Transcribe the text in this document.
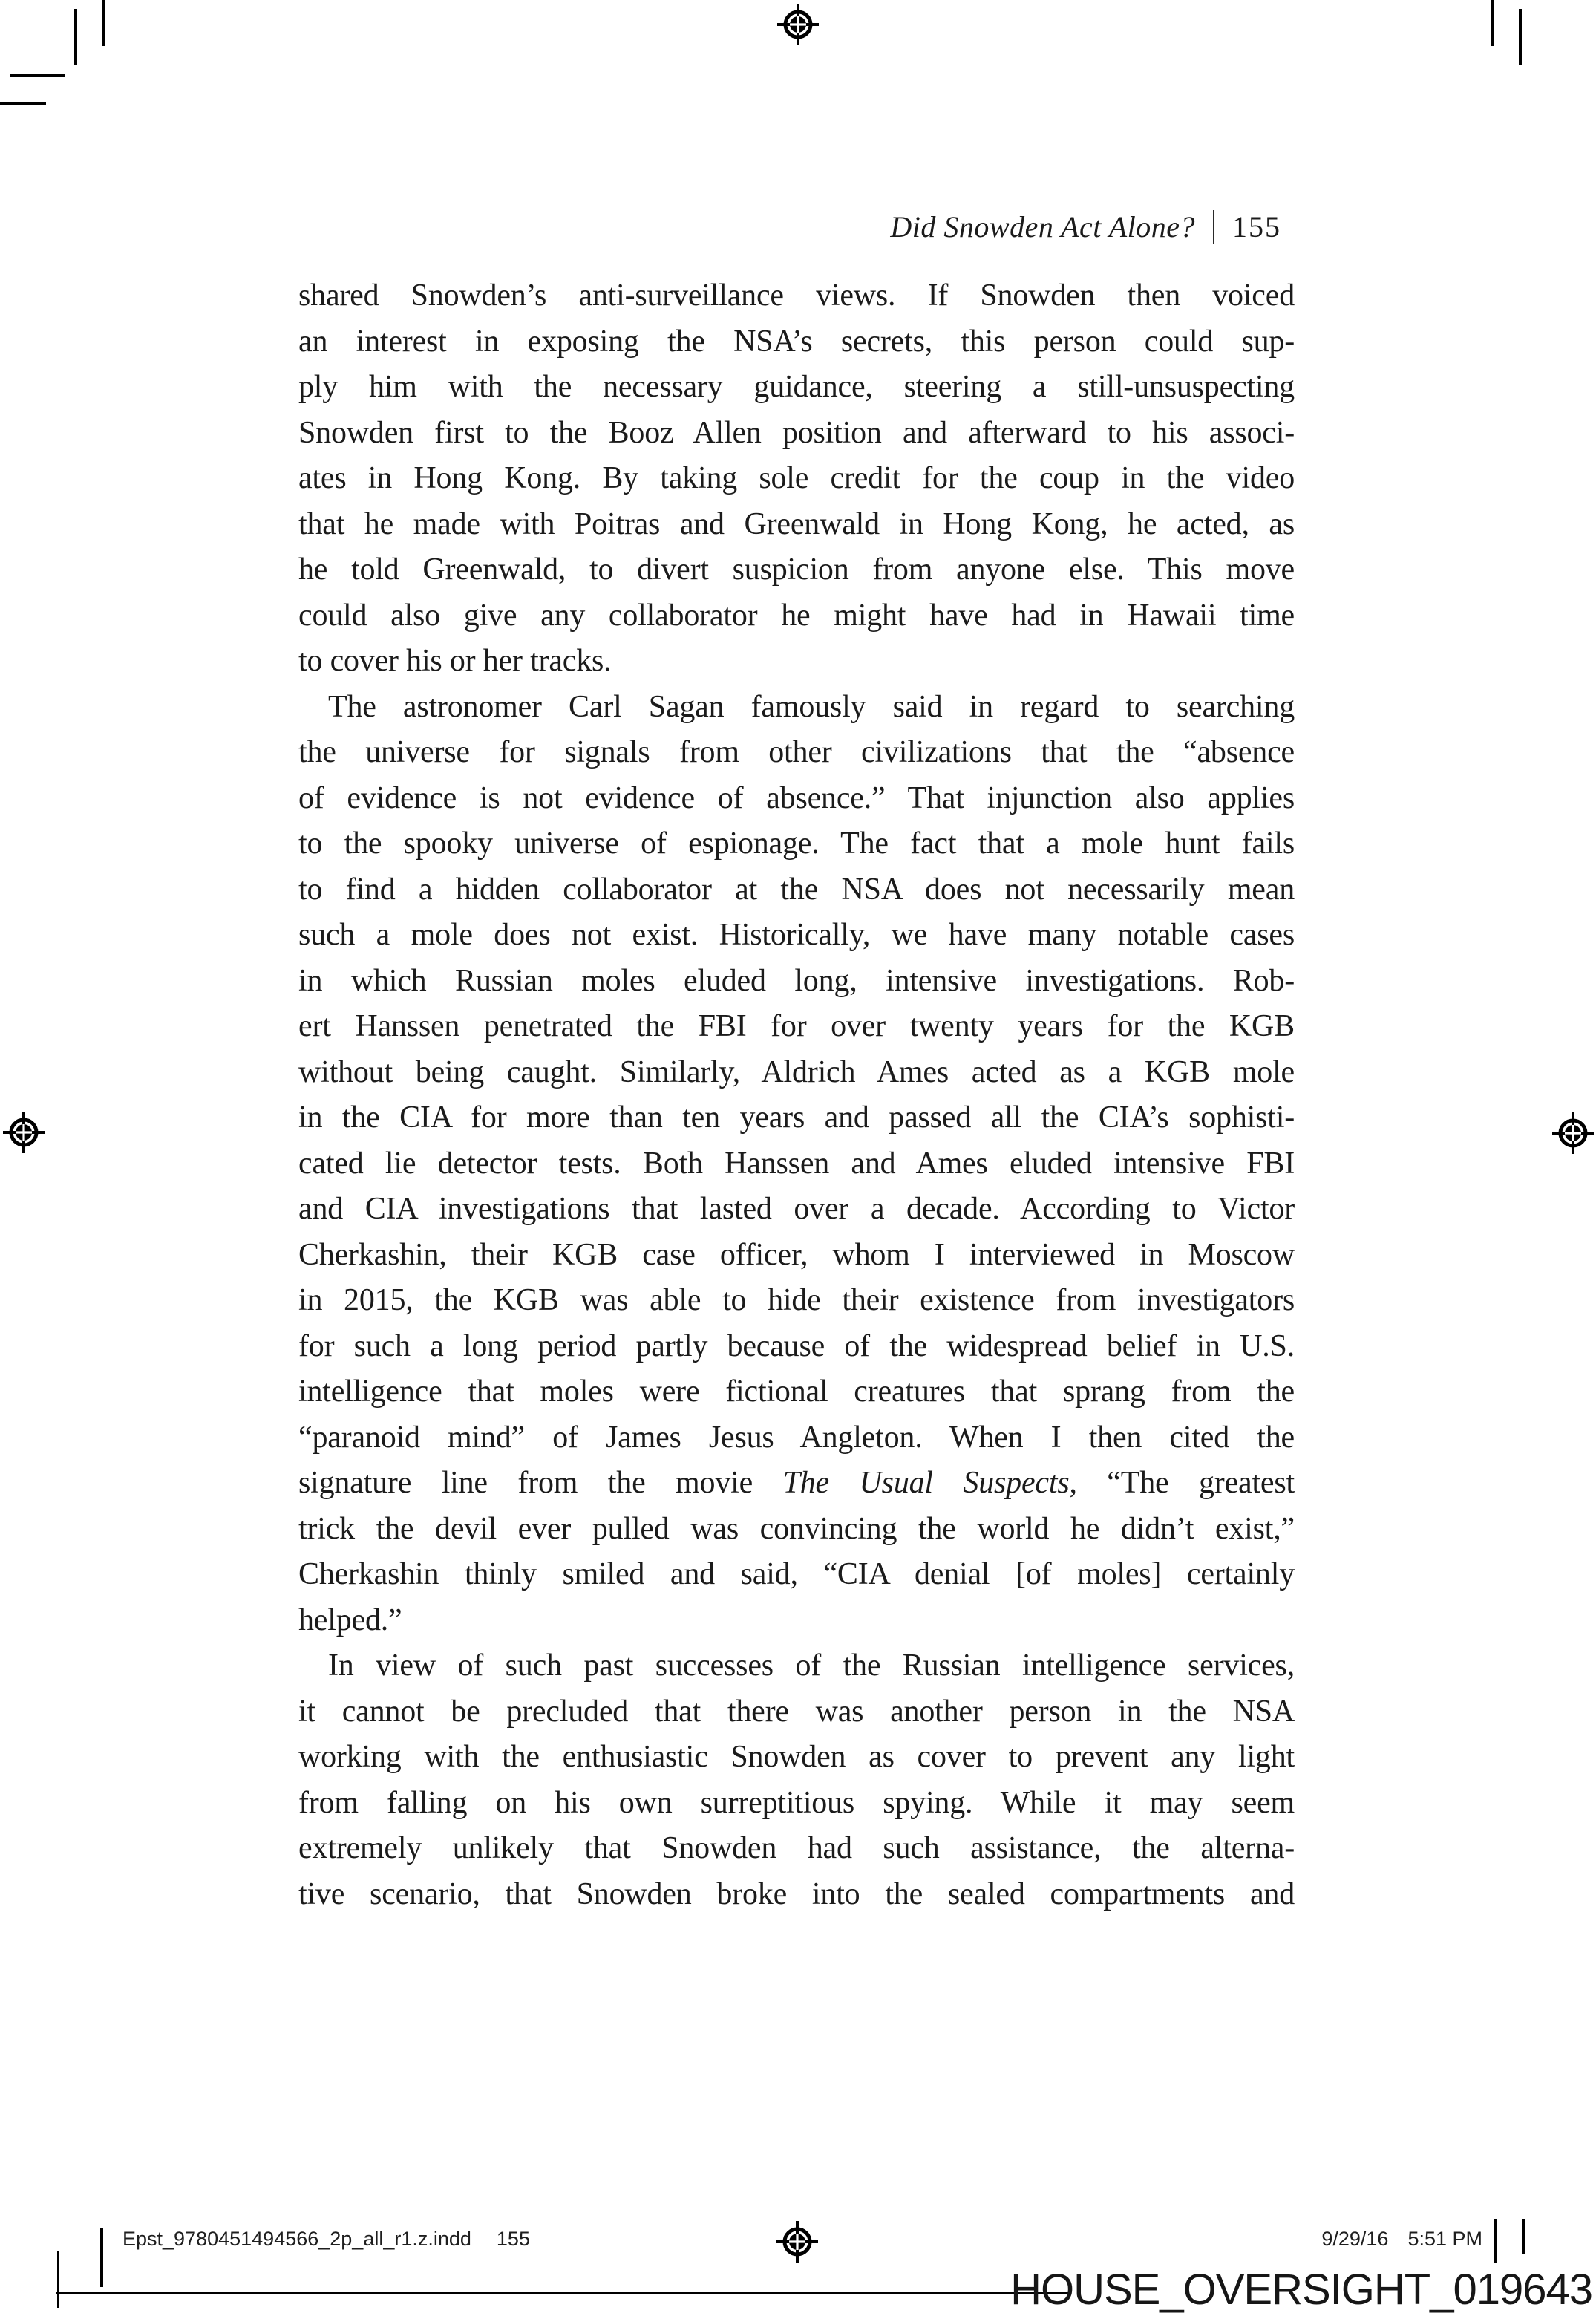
Did Snowden Act Alone? 155
shared Snowden’s anti-surveillance views. If Snowden then voiced
an interest in exposing the NSA’s secrets, this person could sup-
ply him with the necessary guidance, steering a still-unsuspecting
Snowden first to the Booz Allen position and afterward to his associ-
ates in Hong Kong. By taking sole credit for the coup in the video
that he made with Poitras and Greenwald in Hong Kong, he acted, as
he told Greenwald, to divert suspicion from anyone else. This move
could also give any collaborator he might have had in Hawaii time
to cover his or her tracks.
The astronomer Carl Sagan famously said in regard to searching
the universe for signals from other civilizations that the “absence
of evidence is not evidence of absence.” That injunction also applies
to the spooky universe of espionage. The fact that a mole hunt fails
to find a hidden collaborator at the NSA does not necessarily mean
such a mole does not exist. Historically, we have many notable cases
in which Russian moles eluded long, intensive investigations. Rob-
ert Hanssen penetrated the FBI for over twenty years for the KGB
without being caught. Similarly, Aldrich Ames acted as a KGB mole
in the CIA for more than ten years and passed all the CIA’s sophisti-
cated lie detector tests. Both Hanssen and Ames eluded intensive FBI
and CIA investigations that lasted over a decade. According to Victor
Cherkashin, their KGB case officer, whom I interviewed in Moscow
in 2015, the KGB was able to hide their existence from investigators
for such a long period partly because of the widespread belief in U.S.
intelligence that moles were fictional creatures that sprang from the
“paranoid mind” of James Jesus Angleton. When I then cited the
signature line from the movie The Usual Suspects, “The greatest
trick the devil ever pulled was convincing the world he didn’t exist,”
Cherkashin thinly smiled and said, “CIA denial [of moles] certainly
helped.”
In view of such past successes of the Russian intelligence services,
it cannot be precluded that there was another person in the NSA
working with the enthusiastic Snowden as cover to prevent any light
from falling on his own surreptitious spying. While it may seem
extremely unlikely that Snowden had such assistance, the alterna-
tive scenario, that Snowden broke into the sealed compartments and
Epst_9780451494566_2p_all_r1.z.indd 155	9/29/16 5:51 PM
HOUSE_OVERSIGHT_019643
